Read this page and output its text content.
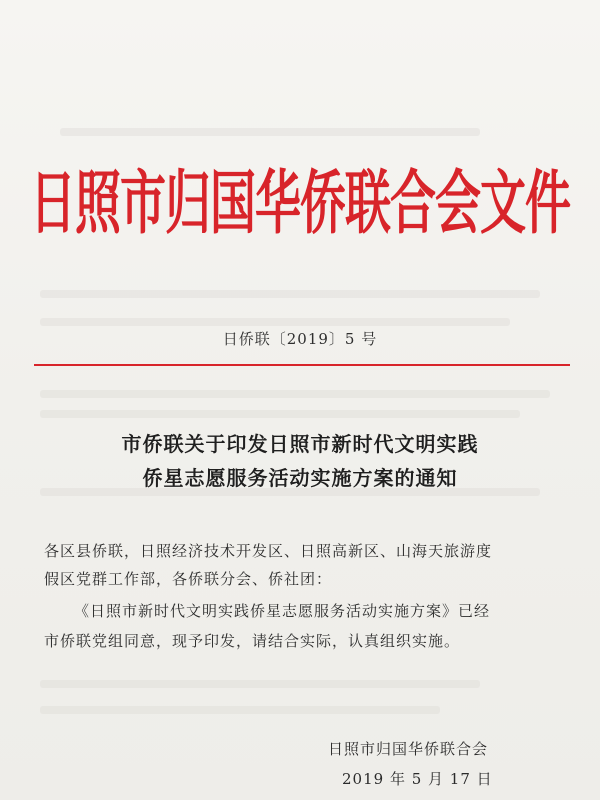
日照市归国华侨联合会文件
日侨联〔2019〕5 号
市侨联关于印发日照市新时代文明实践
侨星志愿服务活动实施方案的通知
各区县侨联，日照经济技术开发区、日照高新区、山海天旅游度
假区党群工作部，各侨联分会、侨社团：
《日照市新时代文明实践侨星志愿服务活动实施方案》已经
市侨联党组同意，现予印发，请结合实际，认真组织实施。
日照市归国华侨联合会
2019 年 5 月 17 日
